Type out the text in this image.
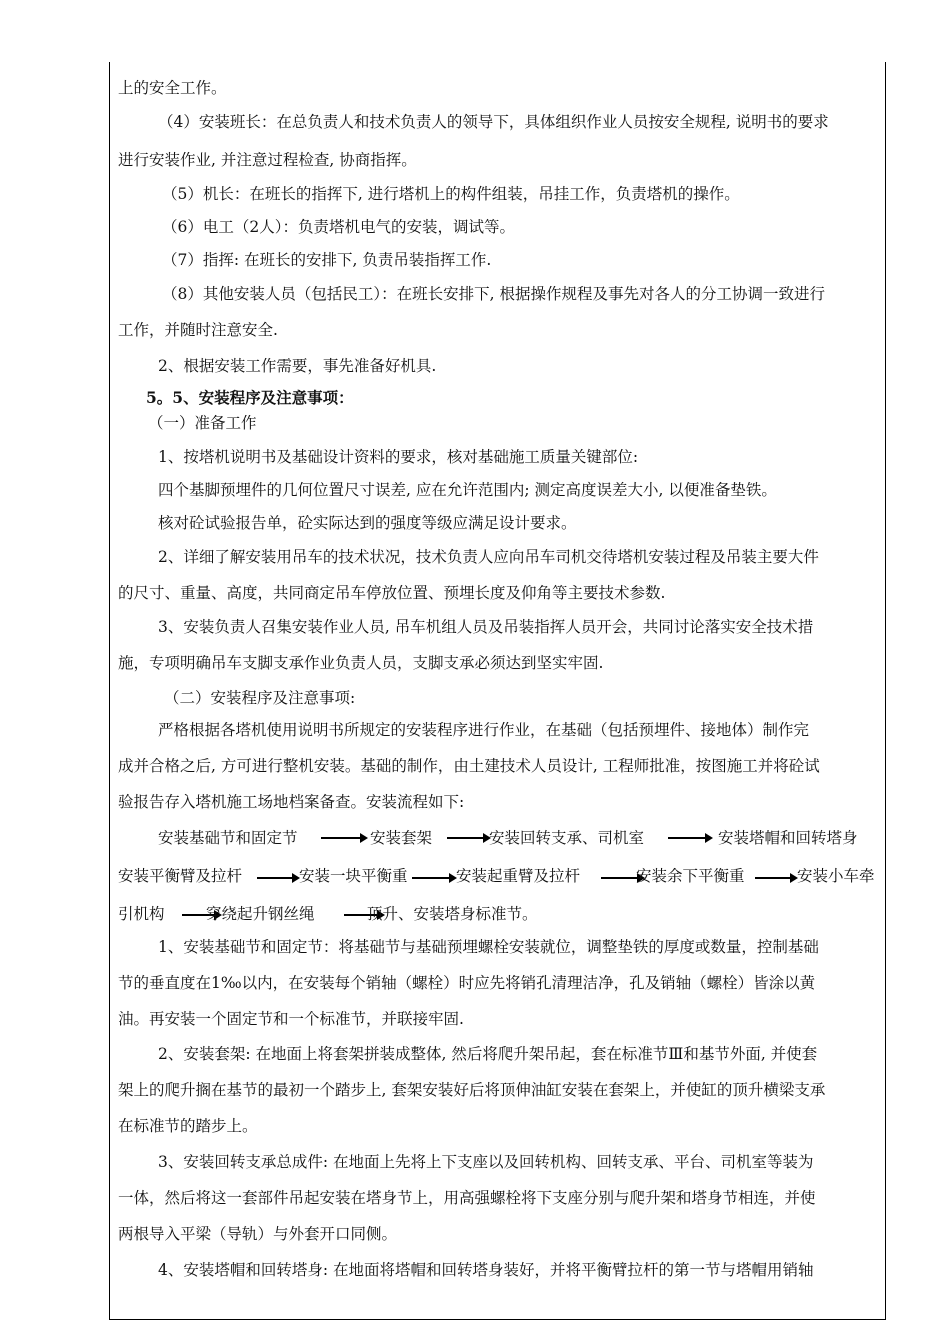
上的安全工作。
（4）安装班长：在总负责人和技术负责人的领导下，具体组织作业人员按安全规程, 说明书的要求
进行安装作业, 并注意过程检查, 协商指挥。
（5）机长：在班长的指挥下, 进行塔机上的构件组装，吊挂工作，负责塔机的操作。
（6）电工（2人）：负责塔机电气的安装，调试等。
（7）指挥: 在班长的安排下, 负责吊装指挥工作.
（8）其他安装人员（包括民工）：在班长安排下, 根据操作规程及事先对各人的分工协调一致进行
工作，并随时注意安全.
2、根据安装工作需要，事先准备好机具.
5。5、安装程序及注意事项：
（一）准备工作
1、按塔机说明书及基础设计资料的要求，核对基础施工质量关键部位:
四个基脚预埋件的几何位置尺寸误差, 应在允许范围内; 测定高度误差大小, 以便准备垫铁。
核对砼试验报告单，砼实际达到的强度等级应满足设计要求。
2、详细了解安装用吊车的技术状况，技术负责人应向吊车司机交待塔机安装过程及吊装主要大件
的尺寸、重量、高度，共同商定吊车停放位置、预埋长度及仰角等主要技术参数.
3、安装负责人召集安装作业人员, 吊车机组人员及吊装指挥人员开会，共同讨论落实安全技术措
施，专项明确吊车支脚支承作业负责人员，支脚支承必须达到坚实牢固.
（二）安装程序及注意事项:
严格根据各塔机使用说明书所规定的安装程序进行作业，在基础（包括预埋件、接地体）制作完
成并合格之后, 方可进行整机安装。基础的制作，由土建技术人员设计, 工程师批准，按图施工并将砼试
验报告存入塔机施工场地档案备查。安装流程如下:
安装基础节和固定节	安装套架	安装回转支承、司机室	安装塔帽和回转塔身
安装平衡臂及拉杆	安装一块平衡重	安装起重臂及拉杆	安装余下平衡重	安装小车牵
引机构	穿绕起升钢丝绳	顶升、安装塔身标准节。
1、安装基础节和固定节：将基础节与基础预埋螺栓安装就位，调整垫铁的厚度或数量，控制基础
节的垂直度在1‰以内，在安装每个销轴（螺栓）时应先将销孔清理洁净，孔及销轴（螺栓）皆涂以黄
油。再安装一个固定节和一个标准节，并联接牢固.
2、安装套架: 在地面上将套架拼装成整体, 然后将爬升架吊起，套在标准节Ⅲ和基节外面, 并使套
架上的爬升搁在基节的最初一个踏步上, 套架安装好后将顶伸油缸安装在套架上，并使缸的顶升横梁支承
在标准节的踏步上。
3、安装回转支承总成件: 在地面上先将上下支座以及回转机构、回转支承、平台、司机室等装为
一体，然后将这一套部件吊起安装在塔身节上，用高强螺栓将下支座分别与爬升架和塔身节相连，并使
两根导入平梁（导轨）与外套开口同侧。
4、安装塔帽和回转塔身: 在地面将塔帽和回转塔身装好，并将平衡臂拉杆的第一节与塔帽用销轴
